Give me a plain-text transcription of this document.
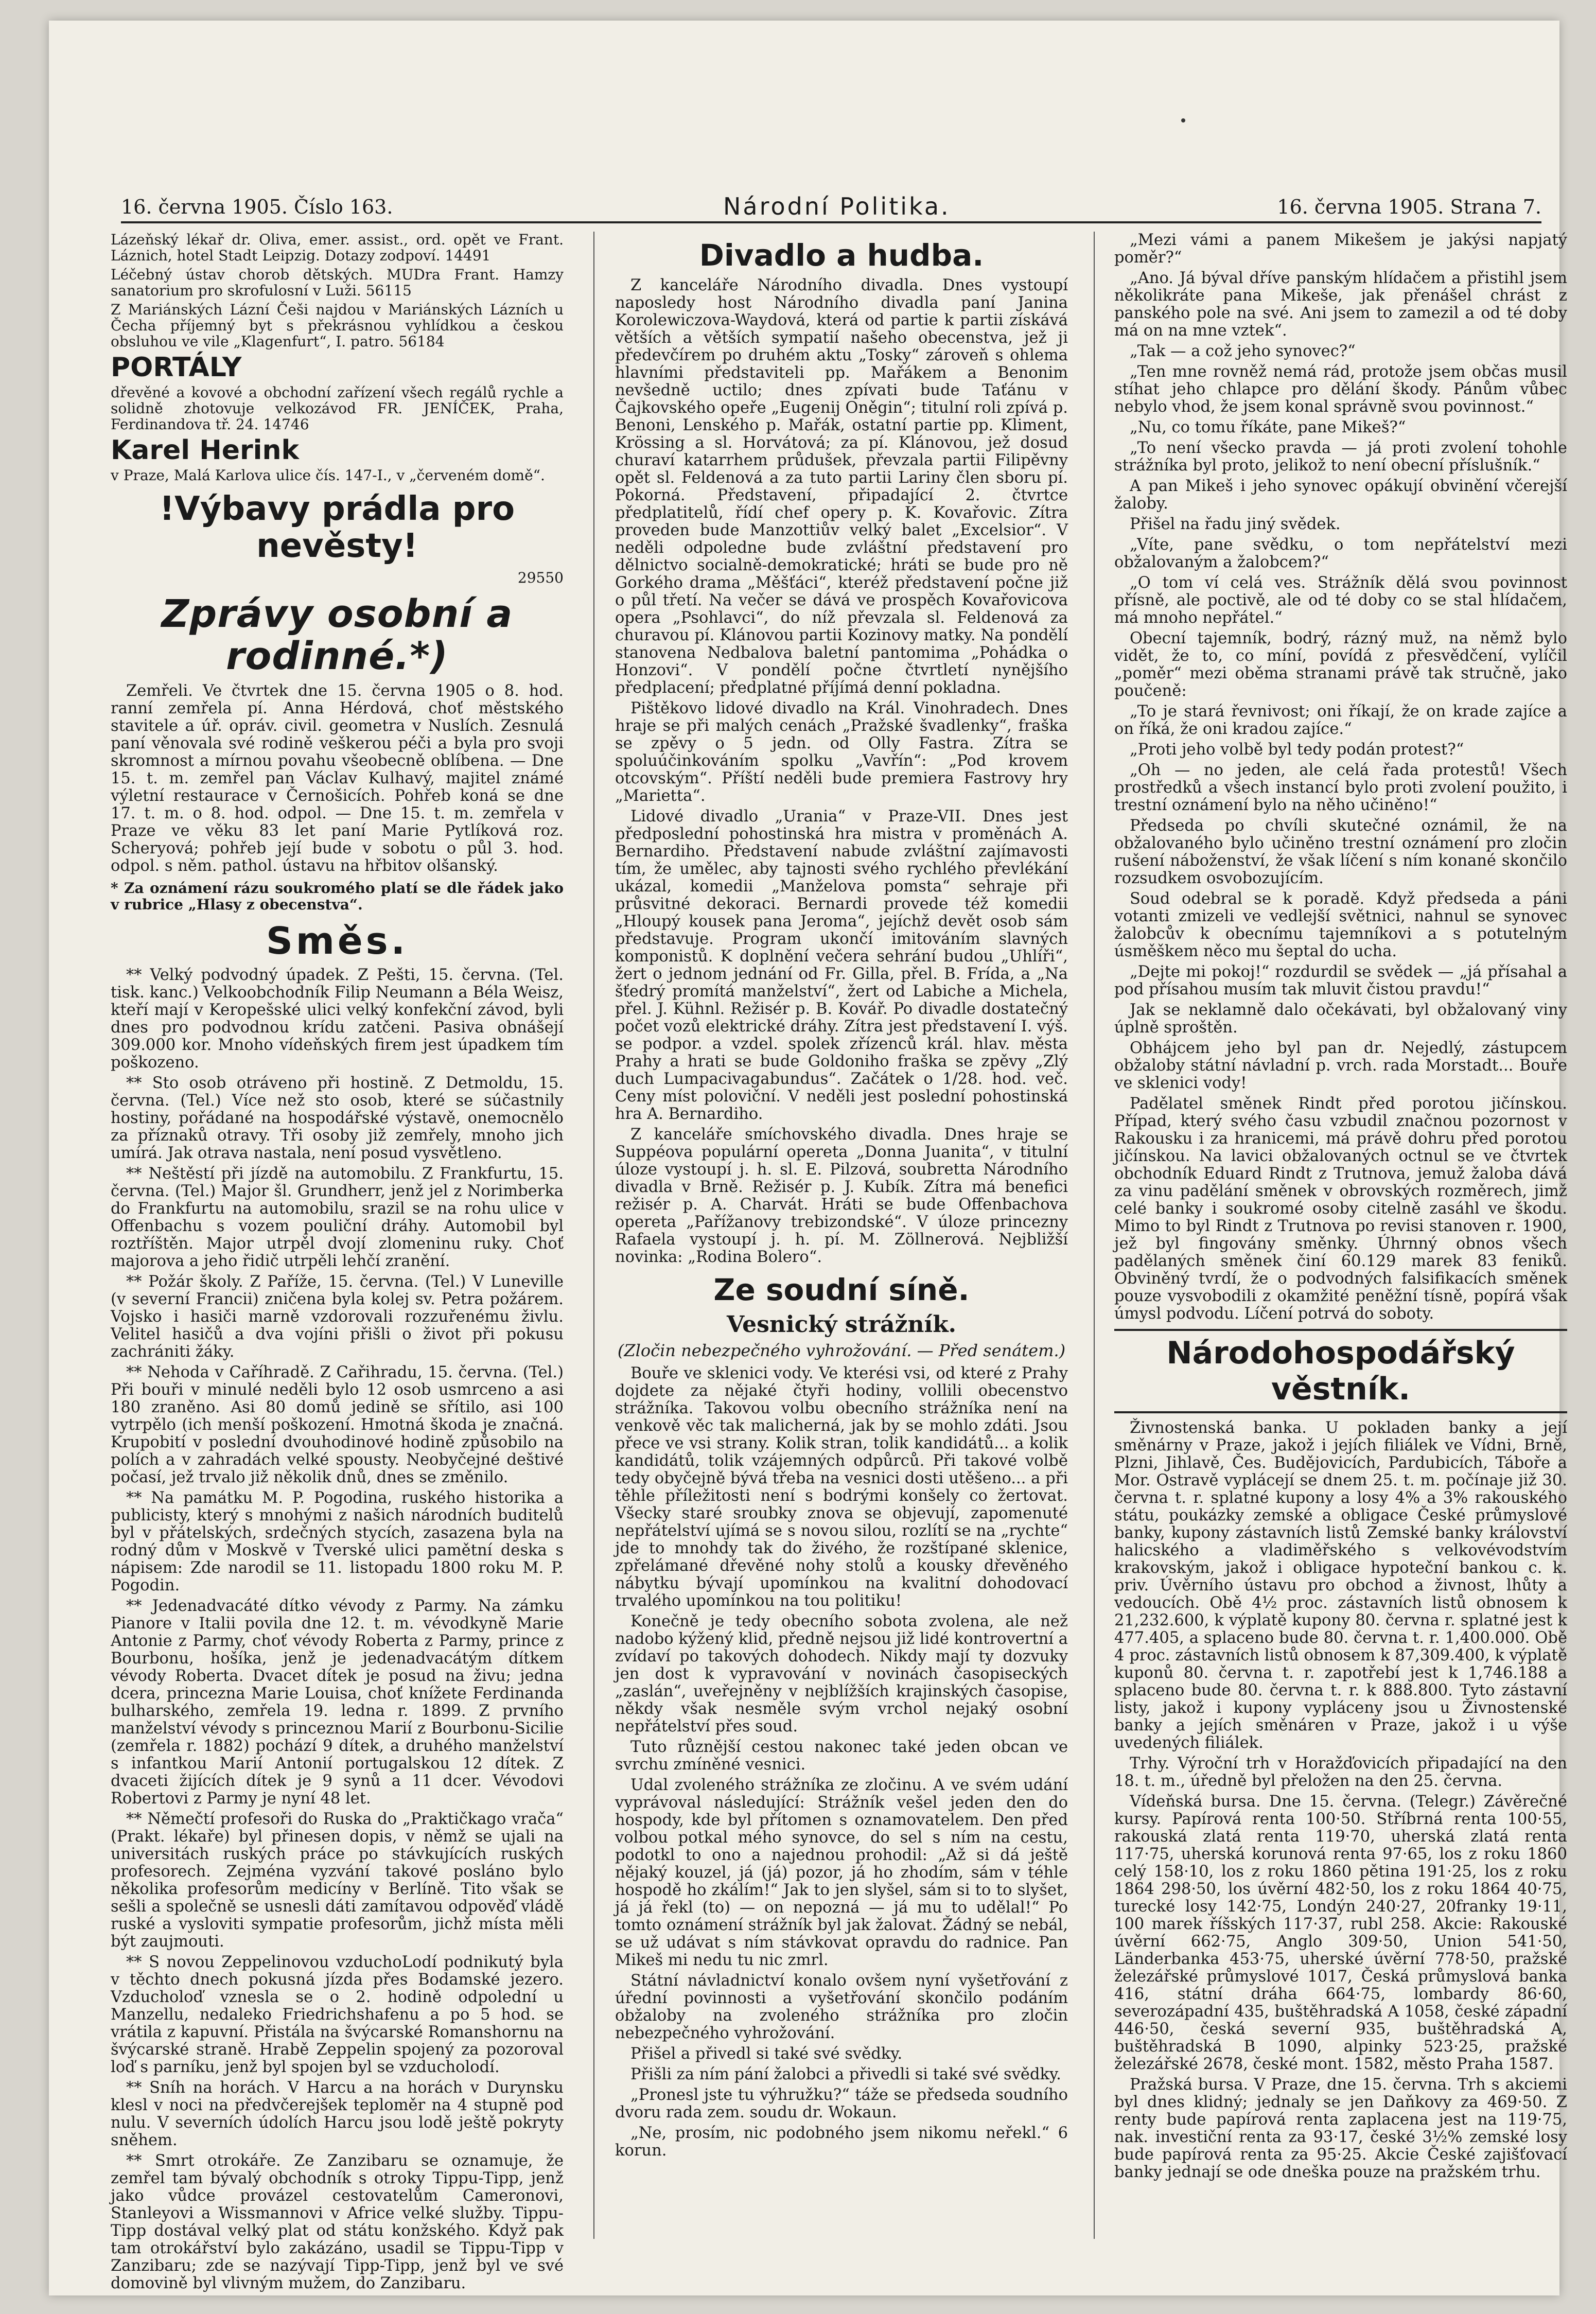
16. června 1905. Číslo 163.	Národní Politika.	16. června 1905. Strana 7.

Lázeňský lékař dr. Oliva, emer. assist., ord. opět ve Frant. Láznich, hotel Stadt Leipzig. Dotazy zodpoví. 14491

Léčebný ústav chorob dětských. MUDra Frant. Hamzy sanatorium pro skrofulosní v Luži. 56115

Z Mariánských Lázní Češi najdou v Mariánských Lázních u Čecha příjemný byt s překrásnou vyhlídkou a českou obsluhou ve vile „Klagenfurt“, I. patro. 56184

PORTÁLY

dřevěné a kovové a obchodní zařízení všech regálů rychle a solidně zhotovuje velkozávod FR. JENÍČEK, Praha, Ferdinandova tř. 24. 14746

Karel Herink

v Praze, Malá Karlova ulice čís. 147-I., v „červeném domě“.

!Výbavy prádla pro nevěsty!

29550

Zprávy osobní a rodinné.*)

Zemřeli. Ve čtvrtek dne 15. června 1905 o 8. hod. ranní zemřela pí. Anna Hérdová, choť městského stavitele a úř. opráv. civil. geometra v Nuslích. Zesnulá paní věnovala své rodině veškerou péči a byla pro svoji skromnost a mírnou povahu všeobecně oblíbena. — Dne 15. t. m. zemřel pan Václav Kulhavý, majitel známé výletní restaurace v Černošicích. Pohřeb koná se dne 17. t. m. o 8. hod. odpol. — Dne 15. t. m. zemřela v Praze ve věku 83 let paní Marie Pytlíková roz. Scheryová; pohřeb její bude v sobotu o půl 3. hod. odpol. s něm. pathol. ústavu na hřbitov olšanský.

* Za oznámení rázu soukromého platí se dle řádek jako v rubrice „Hlasy z obecenstva“.

Směs.

** Velký podvodný úpadek. Z Pešti, 15. června. (Tel. tisk. kanc.) Velkoobchodník Filip Neumann a Béla Weisz, kteří mají v Keropešské ulici velký konfekční závod, byli dnes pro podvodnou krídu zatčeni. Pasiva obnášejí 309.000 kor. Mnoho vídeňských firem jest úpadkem tím poškozeno.

** Sto osob otráveno při hostině. Z Detmoldu, 15. června. (Tel.) Více než sto osob, které se súčastnily hostiny, pořádané na hospodářské výstavě, onemocnělo za příznaků otravy. Tři osoby již zemřely, mnoho jich umírá. Jak otrava nastala, není posud vysvětleno.

** Neštěstí při jízdě na automobilu. Z Frankfurtu, 15. června. (Tel.) Major šl. Grundherr, jenž jel z Norimberka do Frankfurtu na automobilu, srazil se na rohu ulice v Offenbachu s vozem pouliční dráhy. Automobil byl roztříštěn. Major utrpěl dvojí zlomeninu ruky. Choť majorova a jeho řidič utrpěli lehčí zranění.

** Požár školy. Z Paříže, 15. června. (Tel.) V Luneville (v severní Francii) zničena byla kolej sv. Petra požárem. Vojsko i hasiči marně vzdorovali rozzuřenému živlu. Velitel hasičů a dva vojíni přišli o život při pokusu zachrániti žáky.

** Nehoda v Caříhradě. Z Cařihradu, 15. června. (Tel.) Při bouři v minulé neděli bylo 12 osob usmrceno a asi 180 zraněno. Asi 80 domů jedině se sřítilo, asi 100 vytrpělo (ich menší poškození. Hmotná škoda je značná. Krupobití v poslední dvouhodinové hodině způsobilo na polích a v zahradách velké spousty. Neobyčejné deštivé počasí, jež trvalo již několik dnů, dnes se změnilo.

** Na památku M. P. Pogodina, ruského historika a publicisty, který s mnohými z našich národních buditelů byl v přátelských, srdečných stycích, zasazena byla na rodný dům v Moskvě v Tverské ulici pamětní deska s nápisem: Zde narodil se 11. listopadu 1800 roku M. P. Pogodin.

** Jedenadvacáté dítko vévody z Parmy. Na zámku Pianore v Italii povila dne 12. t. m. vévodkyně Marie Antonie z Parmy, choť vévody Roberta z Parmy, prince z Bourbonu, hošíka, jenž je jedenadvacátým dítkem vévody Roberta. Dvacet dítek je posud na živu; jedna dcera, princezna Marie Louisa, choť knížete Ferdinanda bulharského, zemřela 19. ledna r. 1899. Z prvního manželství vévody s princeznou Marií z Bourbonu-Sicilie (zemřela r. 1882) pochází 9 dítek, a druhého manželství s infantkou Marií Antonií portugalskou 12 dítek. Z dvaceti žijících dítek je 9 synů a 11 dcer. Vévodovi Robertovi z Parmy je nyní 48 let.

** Němečtí profesoři do Ruska do „Praktičkago vrača“ (Prakt. lékaře) byl přinesen dopis, v němž se ujali na universitách ruských práce po stávkujících ruských profesorech. Zejména vyzvání takové posláno bylo několika profesorům medicíny v Berlíně. Tito však se sešli a společně se usnesli dáti zamítavou odpověď vládě ruské a vysloviti sympatie profesorům, jichž místa měli být zaujmouti.

** S novou Zeppelinovou vzduchoLodí podnikutý byla v těchto dnech pokusná jízda přes Bodamské jezero. Vzducholoď vznesla se o 2. hodině odpolední u Manzellu, nedaleko Friedrichshafenu a po 5 hod. se vrátila z kapuvní. Přistála na švýcarské Romanshornu na švýcarské straně. Hrabě Zeppelin spojený za pozoroval loď s parníku, jenž byl spojen byl se vzducholodí.

** Sníh na horách. V Harcu a na horách v Durynsku klesl v noci na předvčerejšek teploměr na 4 stupně pod nulu. V severních údolích Harcu jsou lodě ještě pokryty sněhem.

** Smrt otrokáře. Ze Zanzibaru se oznamuje, že zemřel tam bývalý obchodník s otroky Tippu-Tipp, jenž jako vůdce provázel cestovatelům Cameronovi, Stanleyovi a Wissmannovi v Africe velké služby. Tippu-Tipp dostával velký plat od státu konžského. Když pak tam otrokářství bylo zakázáno, usadil se Tippu-Tipp v Zanzibaru; zde se nazývají Tipp-Tipp, jenž byl ve své domovině byl vlivným mužem, do Zanzibaru.

Divadlo a hudba.

Z kanceláře Národního divadla. Dnes vystoupí naposledy host Národního divadla paní Janina Korolewiczova-Waydová, která od partie k partii získává větších a větších sympatií našeho obecenstva, jež ji předevčírem po druhém aktu „Tosky“ zároveň s ohlema hlavními představiteli pp. Mařákem a Benonim nevšedně uctilo; dnes zpívati bude Taťánu v Čajkovského opeře „Eugenij Oněgin“; titulní roli zpívá p. Benoni, Lenského p. Mařák, ostatní partie pp. Kliment, Krössing a sl. Horvátová; za pí. Klánovou, jež dosud churaví katarrhem průdušek, převzala partii Filipěvny opět sl. Feldenová a za tuto partii Lariny člen sboru pí. Pokorná. Představení, připadající 2. čtvrtce předplatitelů, řídí chef opery p. K. Kovařovic. Zítra proveden bude Manzottiův velký balet „Excelsior“. V neděli odpoledne bude zvláštní představení pro dělnictvo socialně-demokratické; hráti se bude pro ně Gorkého drama „Měšťáci“, kteréž představení počne již o půl třetí. Na večer se dává ve prospěch Kovařovicova opera „Psohlavci“, do níž převzala sl. Feldenová za churavou pí. Klánovou partii Kozinovy matky. Na pondělí stanovena Nedbalova baletní pantomima „Pohádka o Honzovi“. V pondělí počne čtvrtletí nynějšího předplacení; předplatné příjímá denní pokladna.

Pištěkovo lidové divadlo na Král. Vinohradech. Dnes hraje se při malých cenách „Pražské švadlenky“, fraška se zpěvy o 5 jedn. od Olly Fastra. Zítra se spoluúčinkováním spolku „Vavřín“: „Pod krovem otcovským“. Příští neděli bude premiera Fastrovy hry „Marietta“.

Lidové divadlo „Urania“ v Praze-VII. Dnes jest předposlední pohostinská hra mistra v proměnách A. Bernardiho. Představení nabude zvláštní zajímavosti tím, že umělec, aby tajnosti svého rychlého převlékání ukázal, komedii „Manželova pomsta“ sehraje při průsvitné dekoraci. Bernardi provede též komedii „Hloupý kousek pana Jeroma“, jejíchž devět osob sám představuje. Program ukončí imitováním slavných komponistů. K doplnění večera sehrání budou „Uhlíři“, žert o jednom jednání od Fr. Gilla, přel. B. Frída, a „Na šťedrý promítá manželství“, žert od Labiche a Michela, přel. J. Kühnl. Režisér p. B. Kovář. Po divadle dostatečný počet vozů elektrické dráhy. Zítra jest představení I. výš. se podpor. a vzdel. spolek zřízenců král. hlav. města Prahy a hrati se bude Goldoniho fraška se zpěvy „Zlý duch Lumpacivagabundus“. Začátek o 1/28. hod. več. Ceny míst poloviční. V neděli jest poslední pohostinská hra A. Bernardiho.

Z kanceláře smíchovského divadla. Dnes hraje se Suppéova populární opereta „Donna Juanita“, v titulní úloze vystoupí j. h. sl. E. Pilzová, soubretta Národního divadla v Brně. Režisér p. J. Kubík. Zítra má benefici režisér p. A. Charvát. Hráti se bude Offenbachova opereta „Pařížanovy trebizondské“. V úloze princezny Rafaela vystoupí j. h. pí. M. Zöllnerová. Nejbližší novinka: „Rodina Bolero“.

Ze soudní síně.
Vesnický strážník.
(Zločin nebezpečného vyhrožování. — Před senátem.)

Bouře ve sklenici vody. Ve kterési vsi, od které z Prahy dojdete za nějaké čtyři hodiny, vollili obecenstvo strážníka. Takovou volbu obecního strážníka není na venkově věc tak malicherná, jak by se mohlo zdáti. Jsou přece ve vsi strany. Kolik stran, tolik kandidátů... a kolik kandidátů, tolik vzájemných odpůrců. Při takové volbě tedy obyčejně bývá třeba na vesnici dosti utěšeno... a při těhle příležitosti není s bodrými konšely co žertovat. Všecky staré sroubky znova se objevují, zapomenuté nepřátelství ujímá se s novou silou, rozlítí se na „rychte“ jde to mnohdy tak do živého, že rozštípané sklenice, zpřelámané dřevěné nohy stolů a kousky dřevěného nábytku bývají upomínkou na kvalitní dohodovací trvalého upomínkou na tou politiku!

Konečně je tedy obecního sobota zvolena, ale než nadobo kýžený klid, předně nejsou již lidé kontrovertní a zvídaví po takových dohodech. Nikdy mají ty dozvuky jen dost k vypravování v novinách časopiseckých „zaslán“, uveřejněny v nejblížších krajinských časopise, někdy však nesměle svým vrchol nejaký osobní nepřátelství přes soud.

Tuto různější cestou nakonec také jeden obcan ve svrchu zmíněné vesnici.

Udal zvoleného strážníka ze zločinu. A ve svém udání vyprávoval následující: Strážník vešel jeden den do hospody, kde byl přítomen s oznamovatelem. Den před volbou potkal mého synovce, do sel s ním na cestu, podotkl to ono a najednou prohodil: „Až si dá ještě nějaký kouzel, já (já) pozor, já ho zhodím, sám v téhle hospodě ho zkálím!“ Jak to jen slyšel, sám si to to slyšet, já já řekl (to) — on nepozná — já mu to udělal!“ Po tomto oznámení strážník byl jak žalovat. Žádný se nebál, se už udávat s ním stávkovat opravdu do radnice. Pan Mikeš mi nedu tu nic zmrl.

Státní návladnictví konalo ovšem nyní vyšetřování z úřední povinnosti a vyšetřování skončilo podáním obžaloby na zvoleného strážníka pro zločin nebezpečného vyhrožování.

Přišel a přivedl si také své svědky.

Přišli za ním pání žalobci a přivedli si také své svědky.

„Pronesl jste tu výhružku?“ táže se předseda soudního dvoru rada zem. soudu dr. Wokaun.

„Ne, prosím, nic podobného jsem nikomu neřekl.“ 6 korun.

„Mezi vámi a panem Mikešem je jakýsi napjatý poměr?“

„Ano. Já býval dříve panským hlídačem a přistihl jsem několikráte pana Mikeše, jak přenášel chrást z panského pole na své. Ani jsem to zamezil a od té doby má on na mne vztek“.

„Tak — a což jeho synovec?“

„Ten mne rovněž nemá rád, protože jsem občas musil stíhat jeho chlapce pro dělání škody. Pánům vůbec nebylo vhod, že jsem konal správně svou povinnost.“

„Nu, co tomu říkáte, pane Mikeš?“

„To není všecko pravda — já proti zvolení tohohle strážníka byl proto, jelikož to není obecní příslušník.“

A pan Mikeš i jeho synovec opákují obvinění včerejší žaloby.

Přišel na řadu jiný svědek.

„Víte, pane svědku, o tom nepřátelství mezi obžalovaným a žalobcem?“

„O tom ví celá ves. Strážník dělá svou povinnost přísně, ale poctivě, ale od té doby co se stal hlídačem, má mnoho nepřátel.“

Obecní tajemník, bodrý, rázný muž, na němž bylo vidět, že to, co míní, povídá z přesvědčení, vylíčil „poměr“ mezi oběma stranami právě tak stručně, jako poučeně:

„To je stará řevnivost; oni říkají, že on krade zajíce a on říká, že oni kradou zajíce.“

„Proti jeho volbě byl tedy podán protest?“

„Oh — no jeden, ale celá řada protestů! Všech prostředků a všech instancí bylo proti zvolení použito, i trestní oznámení bylo na něho učiněno!“

Předseda po chvíli skutečné oznámil, že na obžalovaného bylo učiněno trestní oznámení pro zločin rušení náboženství, že však líčení s ním konané skončilo rozsudkem osvobozujícím.

Soud odebral se k poradě. Když předseda a páni votanti zmizeli ve vedlejší světnici, nahnul se synovec žalobcův k obecnímu tajemníkovi a s potutelným úsměškem něco mu šeptal do ucha.

„Dejte mi pokoj!“ rozdurdil se svědek — „já přísahal a pod přísahou musím tak mluvit čistou pravdu!“

Jak se neklamně dalo očekávati, byl obžalovaný viny úplně sproštěn.

Obhájcem jeho byl pan dr. Nejedlý, zástupcem obžaloby státní návladní p. vrch. rada Morstadt... Bouře ve sklenici vody!

Padělatel směnek Rindt před porotou jičínskou. Případ, který svého času vzbudil značnou pozornost v Rakousku i za hranicemi, má právě dohru před porotou jičínskou. Na lavici obžalovaných octnul se ve čtvrtek obchodník Eduard Rindt z Trutnova, jemuž žaloba dává za vinu padělání směnek v obrovských rozměrech, jimž celé banky i soukromé osoby citelně zasáhl ve škodu. Mimo to byl Rindt z Trutnova po revisi stanoven r. 1900, jež byl fingovány směnky. Úhrnný obnos všech padělaných směnek činí 60.129 marek 83 feniků. Obviněný tvrdí, že o podvodných falsifikacích směnek pouze vysvobodili z okamžité peněžní tísně, popírá však úmysl podvodu. Líčení potrvá do soboty.

Národohospodářský věstník.

Živnostenská banka. U pokladen banky a její směnárny v Praze, jakož i jejích filiálek ve Vídni, Brně, Plzni, Jihlavě, Čes. Budějovicích, Pardubicích, Táboře a Mor. Ostravě vyplácejí se dnem 25. t. m. počínaje již 30. června t. r. splatné kupony a losy 4% a 3% rakouského státu, poukázky zemské a obligace České průmyslové banky, kupony zástavních listů Zemské banky království halicského a vladiměřského s velkovévodstvím krakovským, jakož i obligace hypoteční bankou c. k. priv. Úvěrního ústavu pro obchod a živnost, lhůty a vedoucích. Obě 4½ proc. zástavních listů obnosem k 21,232.600, k výplatě kupony 80. června r. splatné jest k 477.405, a splaceno bude 80. června t. r. 1,400.000. Obě 4 proc. zástavních listů obnosem k 87,309.400, k výplatě kuponů 80. června t. r. zapotřebí jest k 1,746.188 a splaceno bude 80. června t. r. k 888.800. Tyto zástavní listy, jakož i kupony vypláceny jsou u Živnostenské banky a jejích směnáren v Praze, jakož i u výše uvedených filiálek.

Trhy. Výroční trh v Horažďovicích připadající na den 18. t. m., úředně byl přeložen na den 25. června.

Vídeňská bursa. Dne 15. června. (Telegr.) Závěrečné kursy. Papírová renta 100·50. Stříbrná renta 100·55, rakouská zlatá renta 119·70, uherská zlatá renta 117·75, uherská korunová renta 97·65, los z roku 1860 celý 158·10, los z roku 1860 pětina 191·25, los z roku 1864 298·50, los úvěrní 482·50, los z roku 1864 40·75, turecké losy 142·75, Londýn 240·27, 20franky 19·11, 100 marek říšských 117·37, rubl 258. Akcie: Rakouské úvěrní 662·75, Anglo 309·50, Union 541·50, Länderbanka 453·75, uherské úvěrní 778·50, pražské železářské průmyslové 1017, Česká průmyslová banka 416, státní dráha 664·75, lombardy 86·60, severozápadní 435, buštěhradská A 1058, české západní 446·50, česká severní 935, buštěhradská A, buštěhradská B 1090, alpinky 523·25, pražské železářské 2678, české mont. 1582, město Praha 1587.

Pražská bursa. V Praze, dne 15. června. Trh s akciemi byl dnes klidný; jednaly se jen Daňkovy za 469·50. Z renty bude papírová renta zaplacena jest na 119·75, nak. investiční renta za 93·17, české 3½% zemské losy bude papírová renta za 95·25. Akcie České zajišťovací banky jednají se ode dneška pouze na pražském trhu.
